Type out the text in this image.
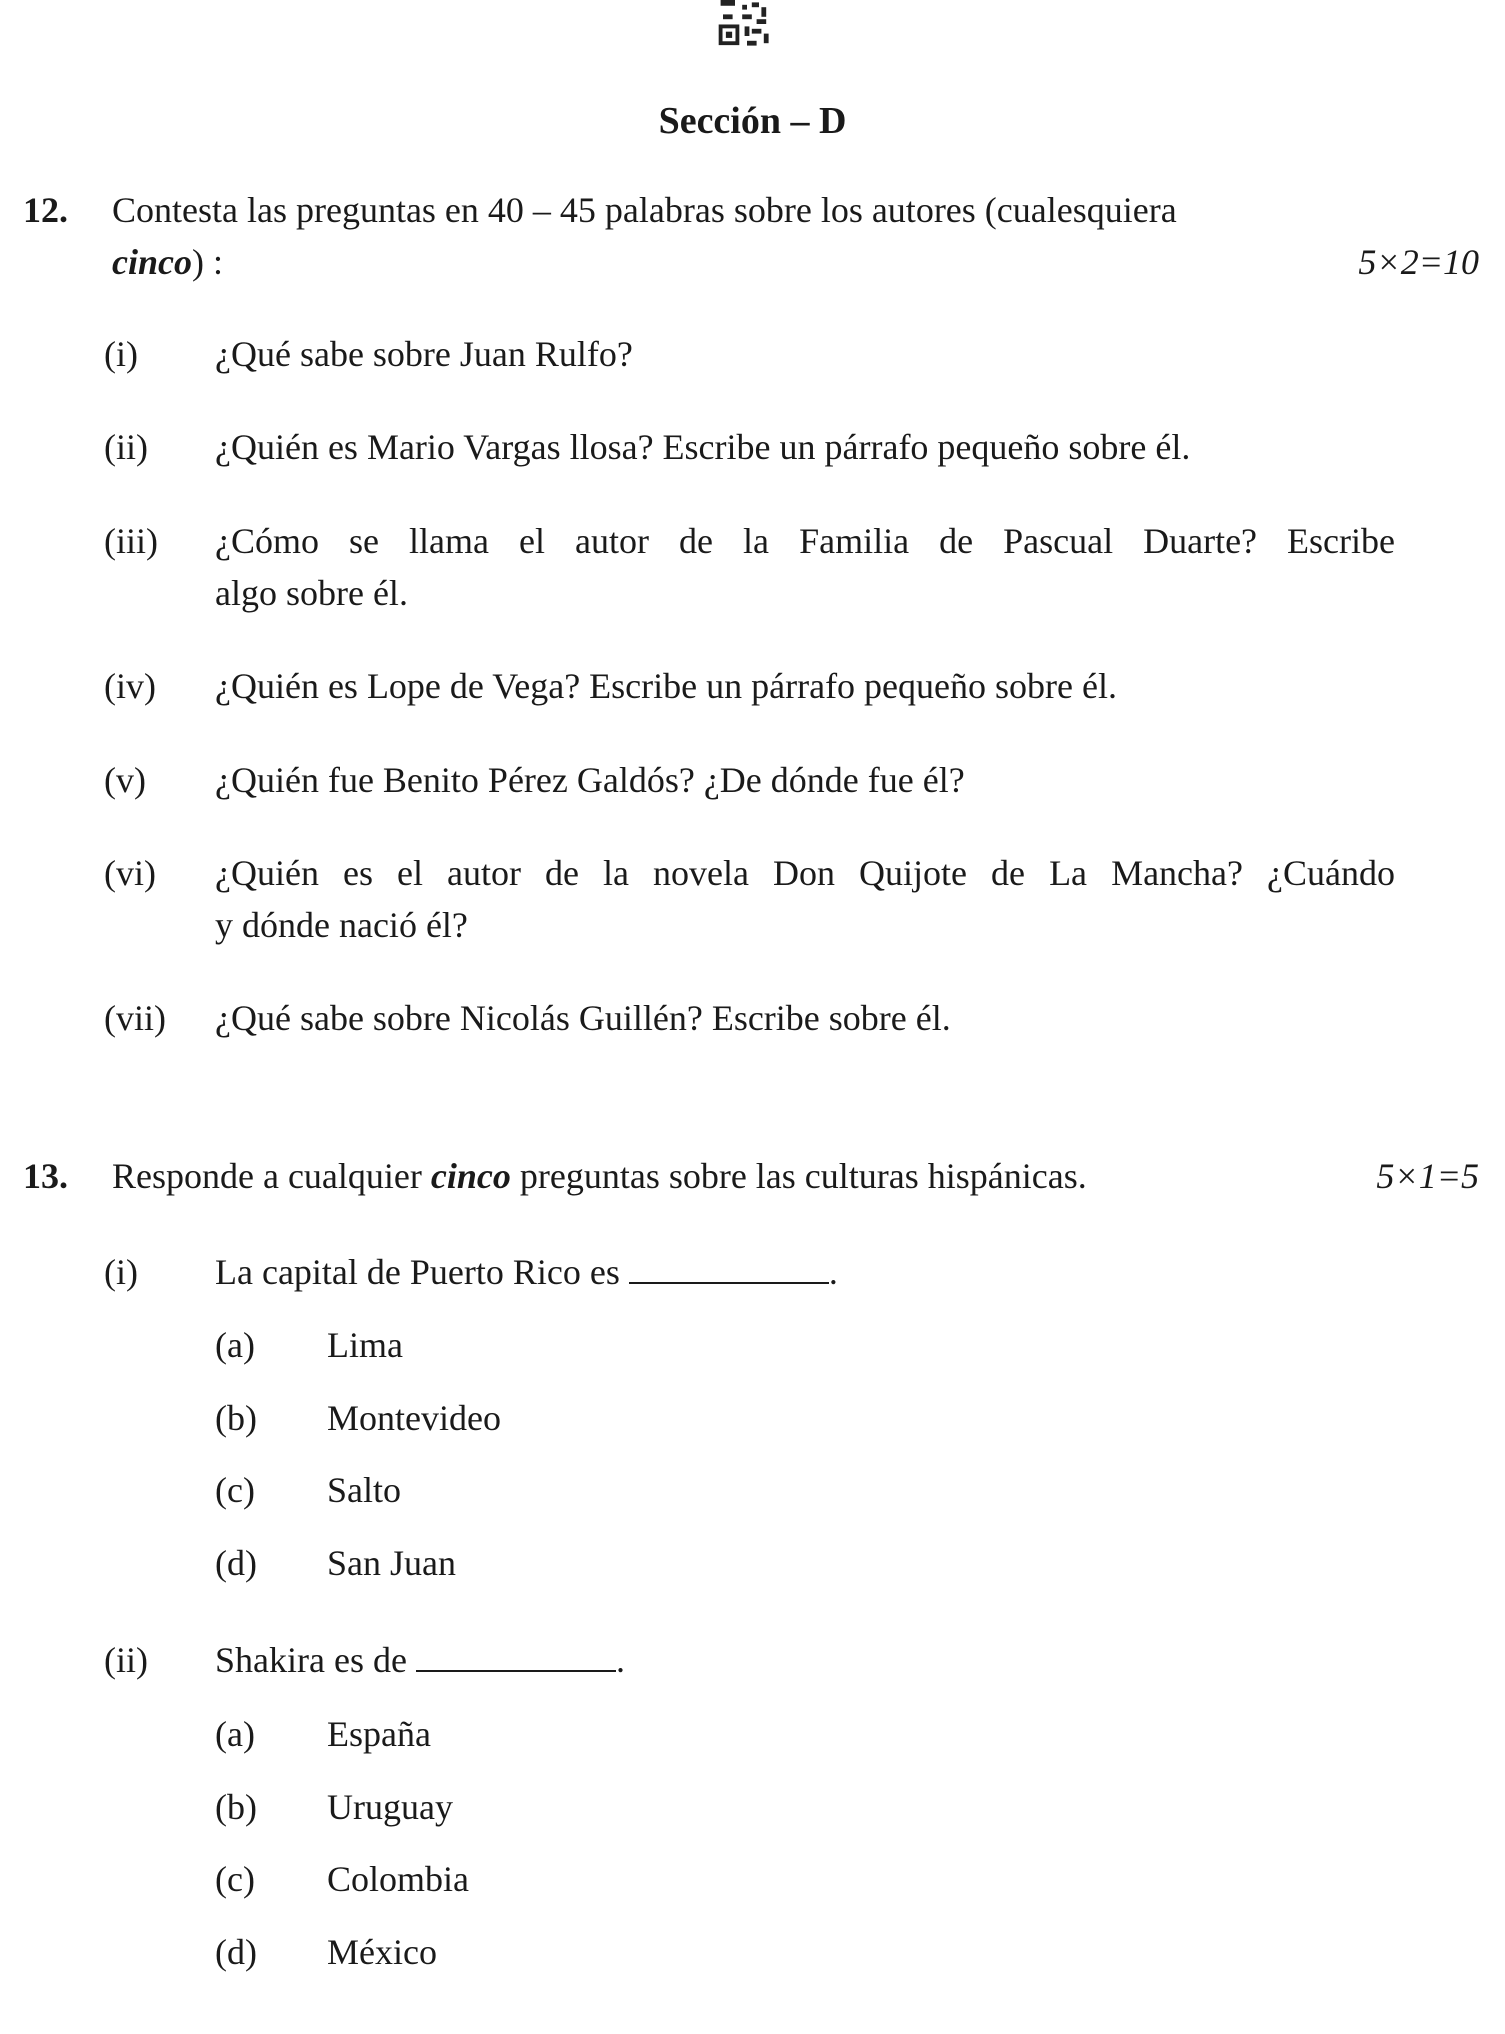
Sección – D
12. Contesta las preguntas en 40 – 45 palabras sobre los autores (cualesquiera
cinco) :	5×2=10
(i) ¿Qué sabe sobre Juan Rulfo?
(ii) ¿Quién es Mario Vargas llosa? Escribe un párrafo pequeño sobre él.
(iii) ¿Cómo se llama el autor de la Familia de Pascual Duarte? Escribe
algo sobre él.
(iv) ¿Quién es Lope de Vega? Escribe un párrafo pequeño sobre él.
(v) ¿Quién fue Benito Pérez Galdós? ¿De dónde fue él?
(vi) ¿Quién es el autor de la novela Don Quijote de La Mancha? ¿Cuándo
y dónde nació él?
(vii) ¿Qué sabe sobre Nicolás Guillén? Escribe sobre él.
13. Responde a cualquier cinco preguntas sobre las culturas hispánicas.	5×1=5
(i) La capital de Puerto Rico es	.
(a) Lima
(b) Montevideo
(c) Salto
(d) San Juan
(ii) Shakira es de	.
(a) España
(b) Uruguay
(c) Colombia
(d) México
